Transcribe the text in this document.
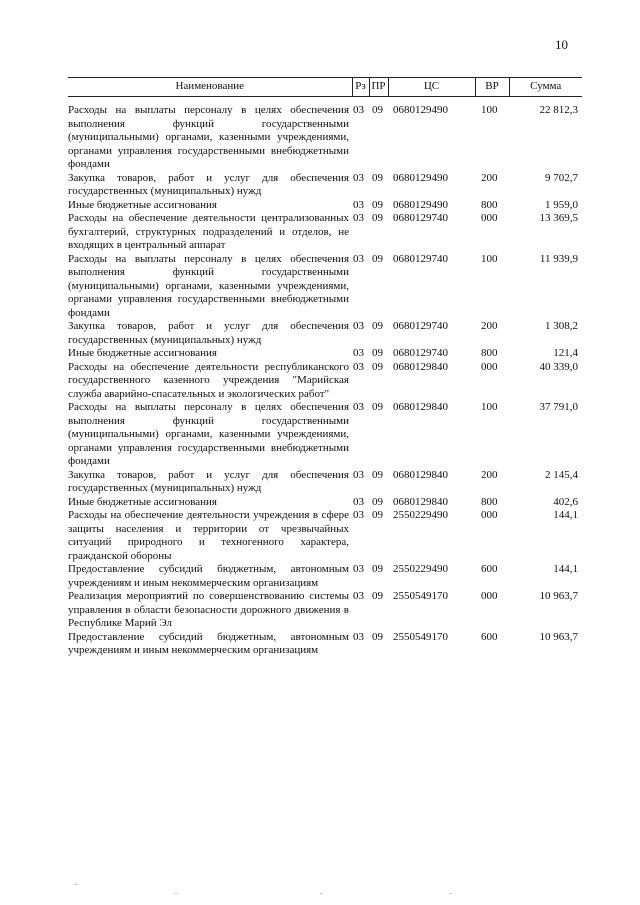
10
Наименование	Рз	ПР	ЦС	ВР	Сумма
Расходы на выплаты персоналу в целях обеспечения выполнения функций государственными (муниципальными) органами, казенными учреждениями, органами управления государственными внебюджетными фондами	03	09	0680129490	100	22 812,3
Закупка товаров, работ и услуг для обеспечения государственных (муниципальных) нужд	03	09	0680129490	200	9 702,7
Иные бюджетные ассигнования	03	09	0680129490	800	1 959,0
Расходы на обеспечение деятельности централизованных бухгалтерий, структурных подразделений и отделов, не входящих в центральный аппарат	03	09	0680129740	000	13 369,5
Расходы на выплаты персоналу в целях обеспечения выполнения функций государственными (муниципальными) органами, казенными учреждениями, органами управления государственными внебюджетными фондами	03	09	0680129740	100	11 939,9
Закупка товаров, работ и услуг для обеспечения государственных (муниципальных) нужд	03	09	0680129740	200	1 308,2
Иные бюджетные ассигнования	03	09	0680129740	800	121,4
Расходы на обеспечение деятельности республиканского государственного казенного учреждения "Марийская служба аварийно-спасательных и экологических работ"	03	09	0680129840	000	40 339,0
Расходы на выплаты персоналу в целях обеспечения выполнения функций государственными (муниципальными) органами, казенными учреждениями, органами управления государственными внебюджетными фондами	03	09	0680129840	100	37 791,0
Закупка товаров, работ и услуг для обеспечения государственных (муниципальных) нужд	03	09	0680129840	200	2 145,4
Иные бюджетные ассигнования	03	09	0680129840	800	402,6
Расходы на обеспечение деятельности учреждения в сфере защиты населения и территории от чрезвычайных ситуаций природного и техногенного характера, гражданской обороны	03	09	2550229490	000	144,1
Предоставление субсидий бюджетным, автономным учреждениям и иным некоммерческим организациям	03	09	2550229490	600	144,1
Реализация мероприятий по совершенствованию системы управления в области безопасности дорожного движения в Республике Марий Эл	03	09	2550549170	000	10 963,7
Предоставление субсидий бюджетным, автономным учреждениям и иным некоммерческим организациям	03	09	2550549170	600	10 963,7
